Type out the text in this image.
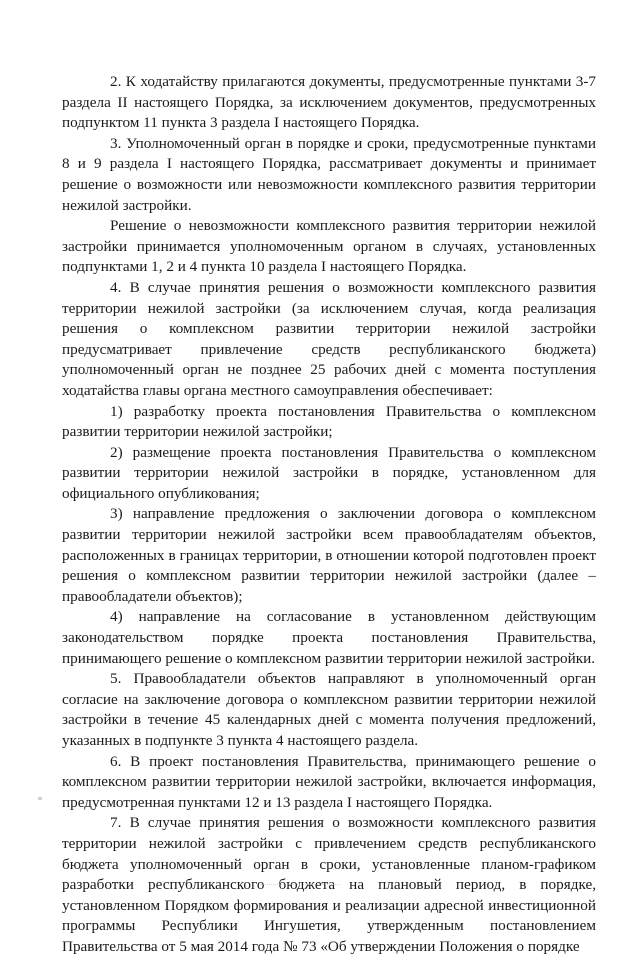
2. К ходатайству прилагаются документы, предусмотренные пунктами 3-7 раздела II настоящего Порядка, за исключением документов, предусмотренных подпунктом 11 пункта 3 раздела I настоящего Порядка.

3. Уполномоченный орган в порядке и сроки, предусмотренные пунктами 8 и 9 раздела I настоящего Порядка, рассматривает документы и принимает решение о возможности или невозможности комплексного развития территории нежилой застройки.

Решение о невозможности комплексного развития территории нежилой застройки принимается уполномоченным органом в случаях, установленных подпунктами 1, 2 и 4 пункта 10 раздела I настоящего Порядка.

4. В случае принятия решения о возможности комплексного развития территории нежилой застройки (за исключением случая, когда реализация решения о комплексном развитии территории нежилой застройки предусматривает привлечение средств республиканского бюджета) уполномоченный орган не позднее 25 рабочих дней с момента поступления ходатайства главы органа местного самоуправления обеспечивает:

1) разработку проекта постановления Правительства о комплексном развитии территории нежилой застройки;

2) размещение проекта постановления Правительства о комплексном развитии территории нежилой застройки в порядке, установленном для официального опубликования;

3) направление предложения о заключении договора о комплексном развитии территории нежилой застройки всем правообладателям объектов, расположенных в границах территории, в отношении которой подготовлен проект решения о комплексном развитии территории нежилой застройки (далее – правообладатели объектов);

4) направление на согласование в установленном действующим законодательством порядке проекта постановления Правительства, принимающего решение о комплексном развитии территории нежилой застройки.

5. Правообладатели объектов направляют в уполномоченный орган согласие на заключение договора о комплексном развитии территории нежилой застройки в течение 45 календарных дней с момента получения предложений, указанных в подпункте 3 пункта 4 настоящего раздела.

6. В проект постановления Правительства, принимающего решение о комплексном развитии территории нежилой застройки, включается информация, предусмотренная пунктами 12 и 13 раздела I настоящего Порядка.

7. В случае принятия решения о возможности комплексного развития территории нежилой застройки с привлечением средств республиканского бюджета уполномоченный орган в сроки, установленные планом-графиком разработки республиканского бюджета на плановый период, в порядке, установленном Порядком формирования и реализации адресной инвестиционной программы Республики Ингушетия, утвержденным постановлением Правительства от 5 мая 2014 года № 73 «Об утверждении Положения о порядке
